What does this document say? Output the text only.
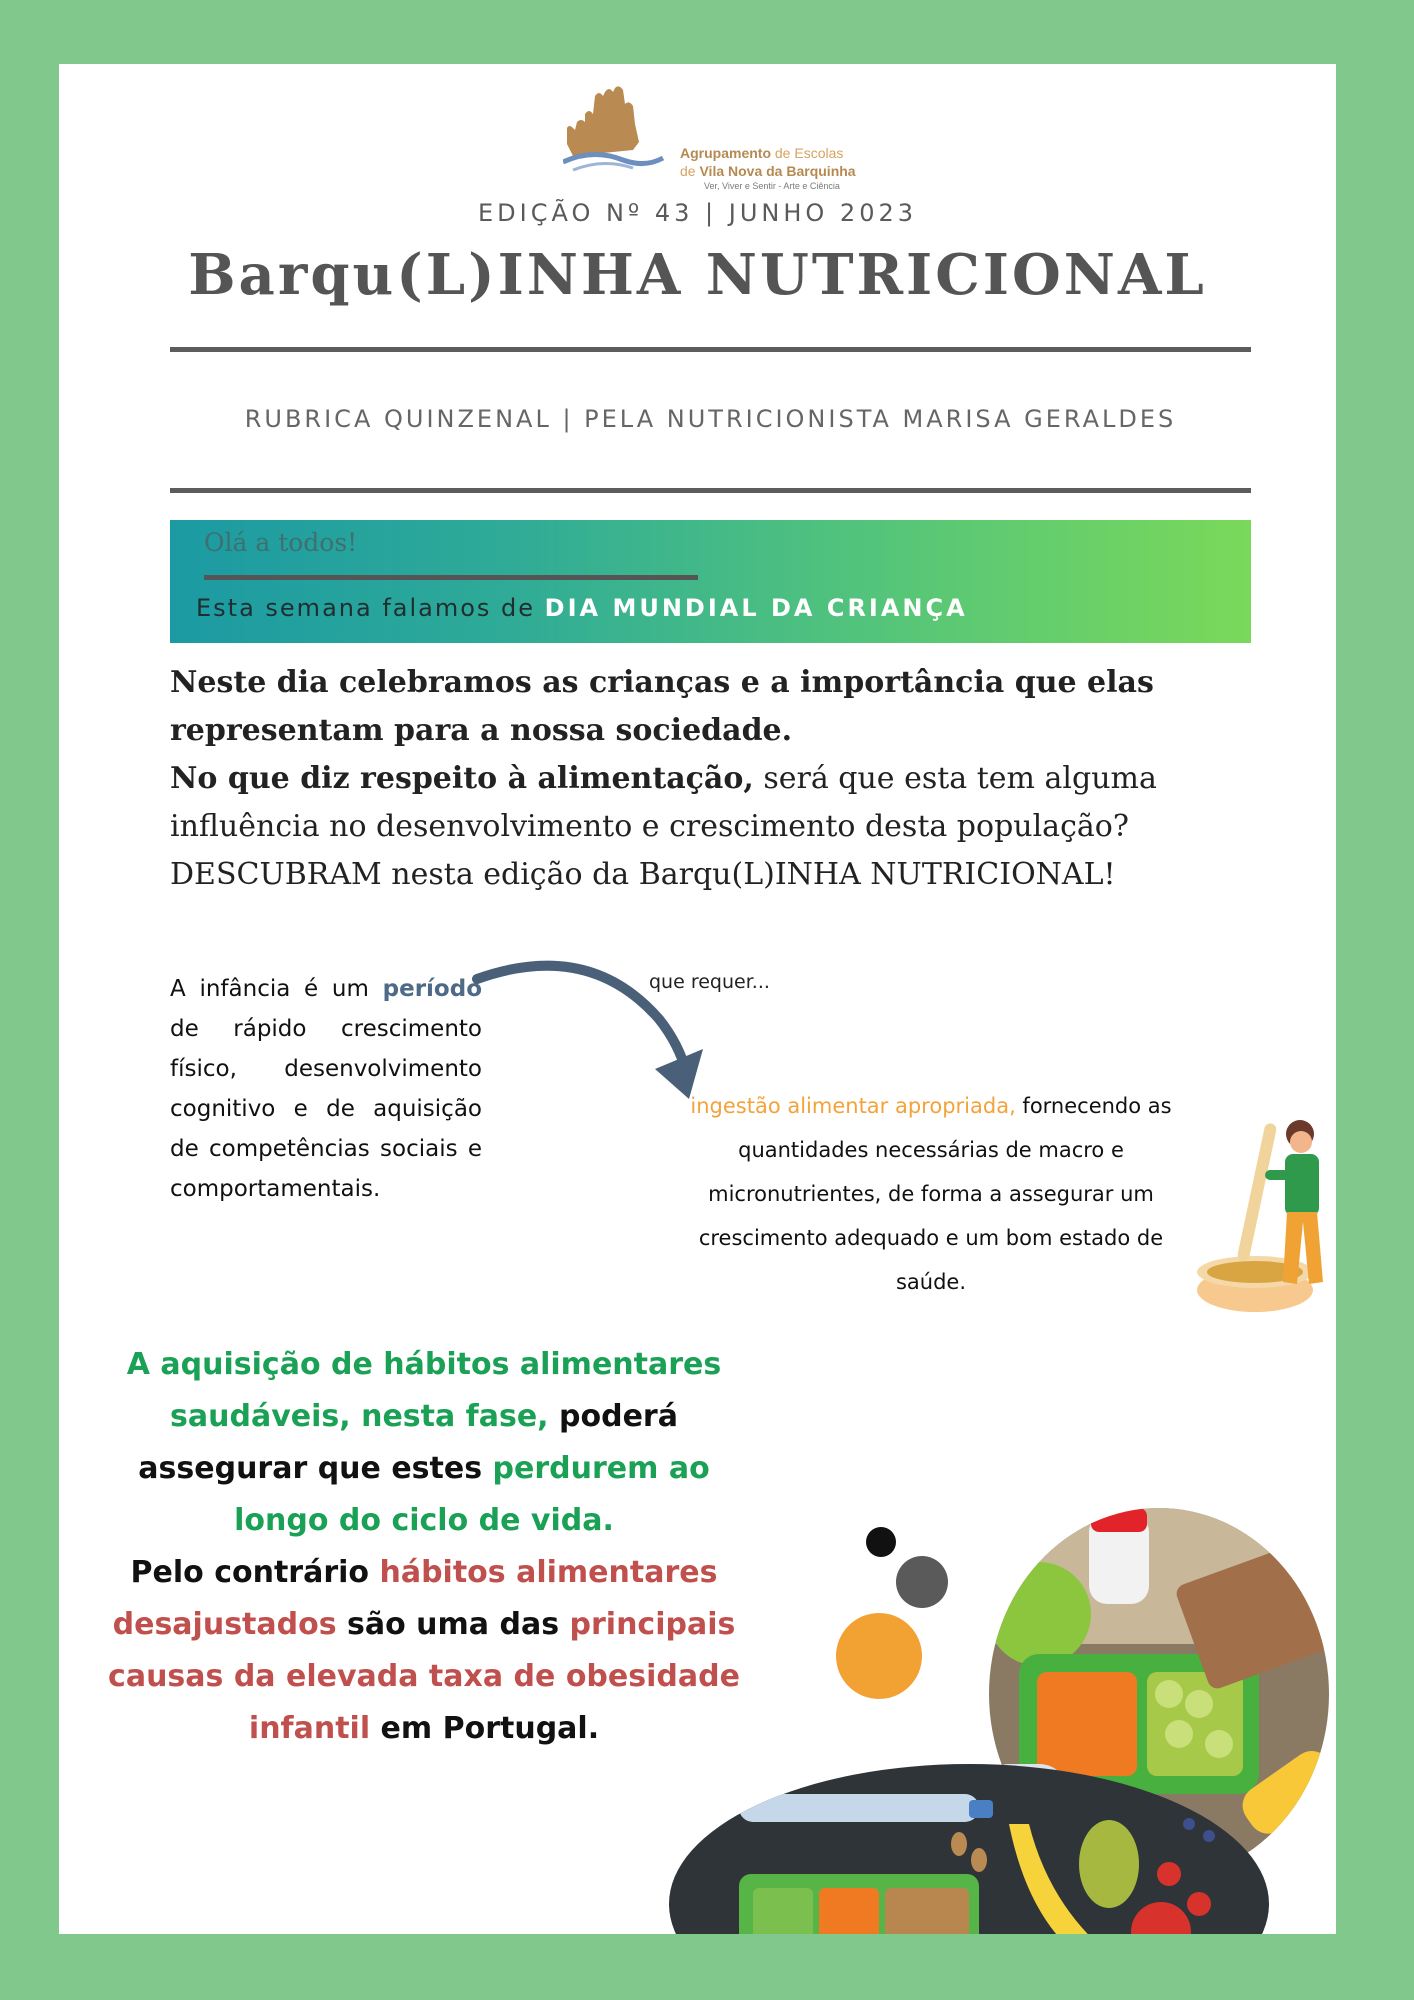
Agrupamento de Escolas
de Vila Nova da Barquinha
Ver, Viver e Sentir - Arte e Ciência
EDIÇÃO Nº 43 | JUNHO 2023
Barqu(L)INHA NUTRICIONAL
RUBRICA QUINZENAL | PELA NUTRICIONISTA MARISA GERALDES
Olá a todos!
Esta semana falamos de DIA MUNDIAL DA CRIANÇA

Neste dia celebramos as crianças e a importância que elas representam para a nossa sociedade.

No que diz respeito à alimentação, será que esta tem alguma influência no desenvolvimento e crescimento desta população?

DESCUBRAM nesta edição da Barqu(L)INHA NUTRICIONAL!

A infância é um período de rápido crescimento físico, desenvolvimento cognitivo e de aquisição de competências sociais e comportamentais.
que requer...
ingestão alimentar apropriada, fornecendo as quantidades necessárias de macro e micronutrientes, de forma a assegurar um crescimento adequado e um bom estado de saúde.

A aquisição de hábitos alimentares saudáveis, nesta fase, poderá assegurar que estes perdurem ao longo do ciclo de vida.

Pelo contrário hábitos alimentares desajustados são uma das principais causas da elevada taxa de obesidade infantil em Portugal.
